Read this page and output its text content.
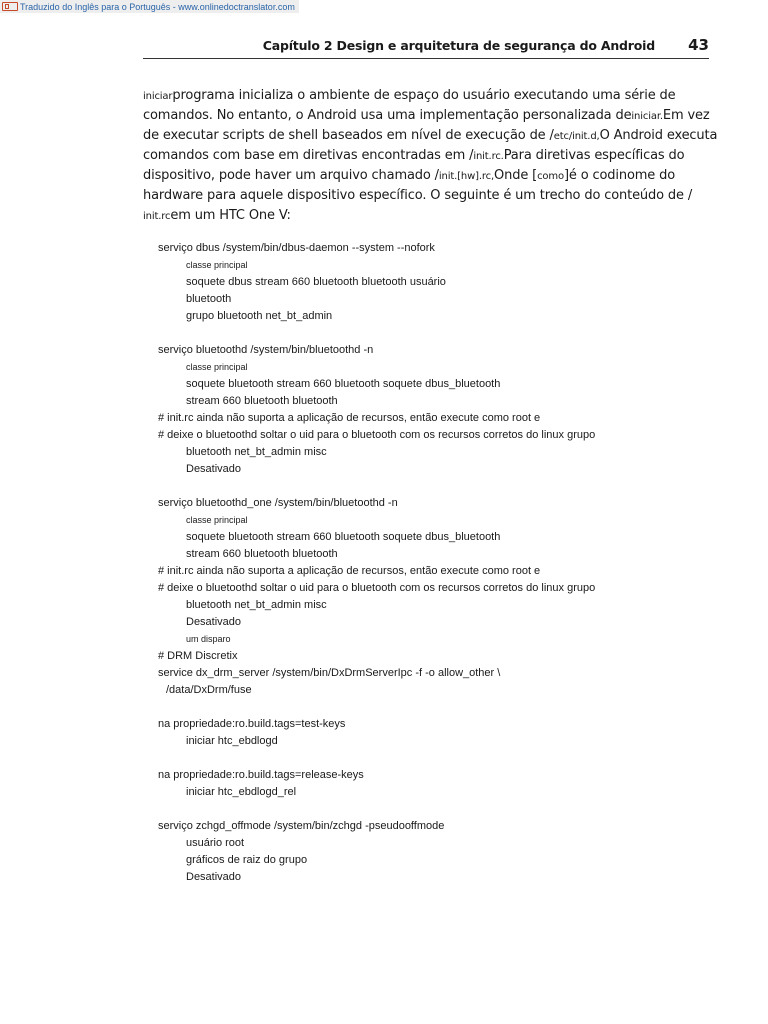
Traduzido do Inglês para o Português - www.onlinedoctranslator.com
Capítulo 2 Design e arquitetura de segurança do Android 43
iniciarprograma inicializa o ambiente de espaço do usuário executando uma série de
comandos. No entanto, o Android usa uma implementação personalizada deiniciar.Em vez
de executar scripts de shell baseados em nível de execução de /etc/init.d,O Android executa
comandos com base em diretivas encontradas em /init.rc.Para diretivas específicas do
dispositivo, pode haver um arquivo chamado /init.[hw].rc,Onde [como]é o codinome do
hardware para aquele dispositivo específico. O seguinte é um trecho do conteúdo de /
init.rcem um HTC One V:
serviço dbus /system/bin/dbus-daemon --system --nofork
classe principal
soquete dbus stream 660 bluetooth bluetooth usuário
bluetooth
grupo bluetooth net_bt_admin
serviço bluetoothd /system/bin/bluetoothd -n
classe principal
soquete bluetooth stream 660 bluetooth soquete dbus_bluetooth
stream 660 bluetooth bluetooth
# init.rc ainda não suporta a aplicação de recursos, então execute como root e
# deixe o bluetoothd soltar o uid para o bluetooth com os recursos corretos do linux grupo
bluetooth net_bt_admin misc
Desativado
serviço bluetoothd_one /system/bin/bluetoothd -n
classe principal
soquete bluetooth stream 660 bluetooth soquete dbus_bluetooth
stream 660 bluetooth bluetooth
# init.rc ainda não suporta a aplicação de recursos, então execute como root e
# deixe o bluetoothd soltar o uid para o bluetooth com os recursos corretos do linux grupo
bluetooth net_bt_admin misc
Desativado
um disparo
# DRM Discretix
service dx_drm_server /system/bin/DxDrmServerIpc -f -o allow_other \
/data/DxDrm/fuse
na propriedade:ro.build.tags=test-keys
iniciar htc_ebdlogd
na propriedade:ro.build.tags=release-keys
iniciar htc_ebdlogd_rel
serviço zchgd_offmode /system/bin/zchgd -pseudooffmode
usuário root
gráficos de raiz do grupo
Desativado
